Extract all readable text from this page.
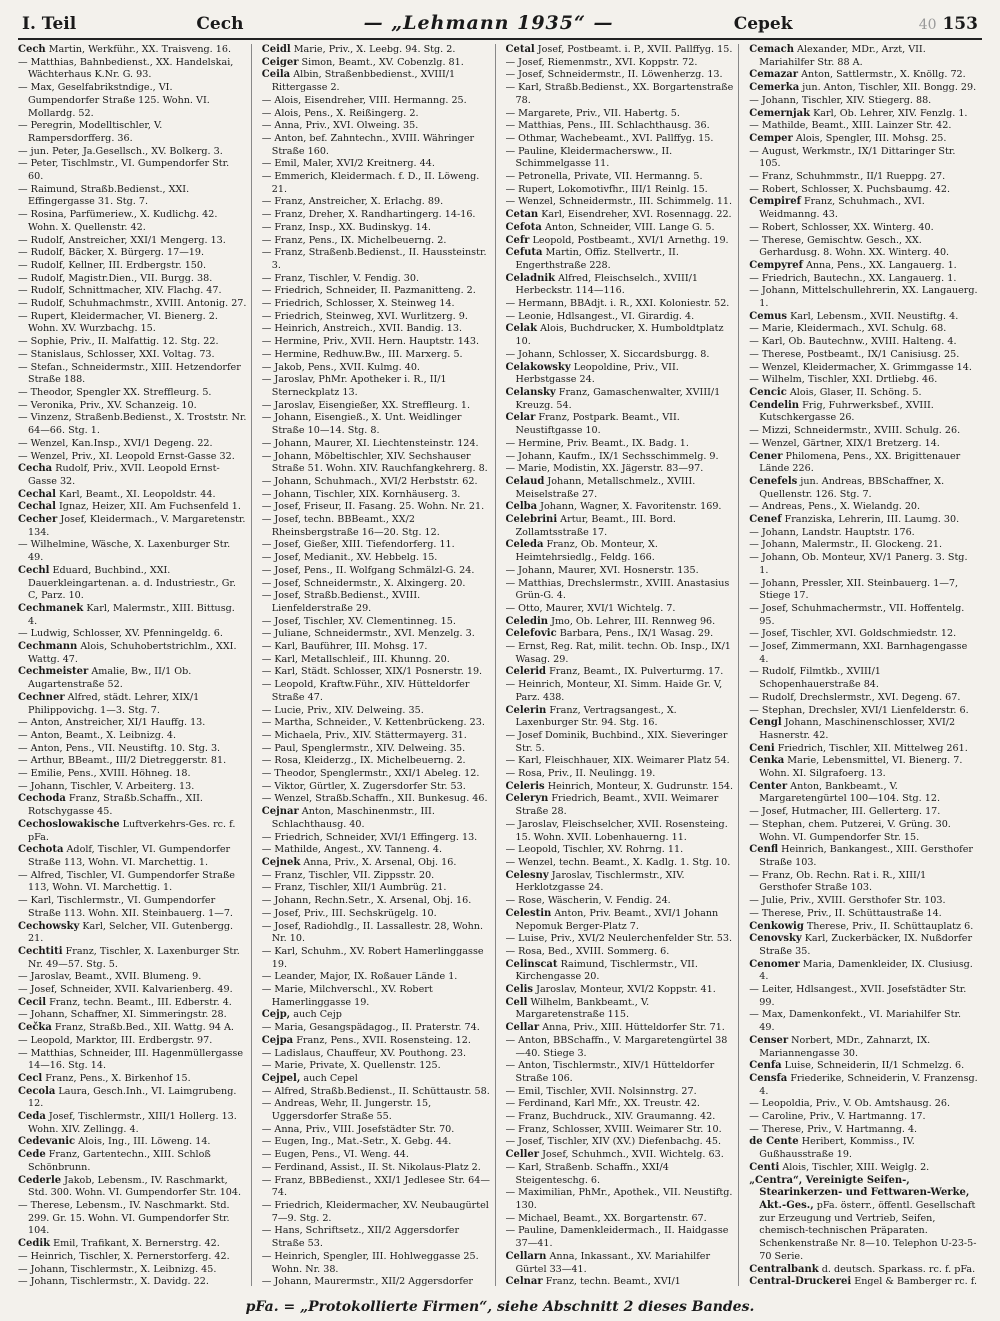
I. Teil	Cech	— „Lehmann 1935“ —	Cepek	40 153

Cech Martin, Werkführ., XX. Traisveng. 16.

— Matthias, Bahnbedienst., XX. Handelskai, Wächterhaus K.Nr. G. 93.

— Max, Geselfabrikstndige., VI. Gumpendorfer Straße 125. Wohn. VI. Mollardg. 52.

— Peregrin, Modelltischler, V. Rampersdorfferg. 36.

— jun. Peter, Ja.Gesellsch., XV. Bolkerg. 3.

— Peter, Tischlmstr., VI. Gumpendorfer Str. 60.

— Raimund, Straßb.Bedienst., XXI. Effingergasse 31. Stg. 7.

— Rosina, Parfümeriew., X. Kudlichg. 42. Wohn. X. Quellenstr. 42.

— Rudolf, Anstreicher, XXI/1 Mengerg. 13.

— Rudolf, Bäcker, X. Bürgerg. 17—19.

— Rudolf, Kellner, III. Erdbergstr. 150.

— Rudolf, Magistr.Dien., VII. Burgg. 38.

— Rudolf, Schnittmacher, XIV. Flachg. 47.

— Rudolf, Schuhmachmstr., XVIII. Antonig. 27.

— Rupert, Kleidermacher, VI. Bienerg. 2. Wohn. XV. Wurzbachg. 15.

— Sophie, Priv., II. Malfattig. 12. Stg. 22.

— Stanislaus, Schlosser, XXI. Voltag. 73.

— Stefan., Schneidermstr., XIII. Hetzendorfer Straße 188.

— Theodor, Spengler XX. Streffleurg. 5.

— Veronika, Priv., XV. Schanzeig. 10.

— Vinzenz, Straßenb.Bedienst., X. Troststr. Nr. 64—66. Stg. 1.

— Wenzel, Kan.Insp., XVI/1 Degeng. 22.

— Wenzel, Priv., XI. Leopold Ernst-Gasse 32.

Cecha Rudolf, Priv., XVII. Leopold Ernst-Gasse 32.

Cechal Karl, Beamt., XI. Leopoldstr. 44.

Cechal Ignaz, Heizer, XII. Am Fuchsenfeld 1.

Cecher Josef, Kleidermach., V. Margaretenstr. 134.

— Wilhelmine, Wäsche, X. Laxenburger Str. 49.

Cechl Eduard, Buchbind., XXI. Dauerkleingartenan. a. d. Industriestr., Gr. C, Parz. 10.

Cechmanek Karl, Malermstr., XIII. Bittusg. 4.

— Ludwig, Schlosser, XV. Pfenningeldg. 6.

Cechmann Alois, Schuhobertstrichlm., XXI. Wattg. 47.

Cechmeister Amalie, Bw., II/1 Ob. Augartenstraße 52.

Cechner Alfred, städt. Lehrer, XIX/1 Philippovichg. 1—3. Stg. 7.

— Anton, Anstreicher, XI/1 Hauffg. 13.

— Anton, Beamt., X. Leibnizg. 4.

— Anton, Pens., VII. Neustiftg. 10. Stg. 3.

— Arthur, BBeamt., III/2 Dietreggerstr. 81.

— Emilie, Pens., XVIII. Höhneg. 18.

— Johann, Tischler, V. Arbeiterg. 13.

Cechoda Franz, Straßb.Schaffn., XII. Rotschygasse 45.

Cechoslowakische Luftverkehrs-Ges. rc. f. pFa.

Cechota Adolf, Tischler, VI. Gumpendorfer Straße 113, Wohn. VI. Marchettig. 1.

— Alfred, Tischler, VI. Gumpendorfer Straße 113, Wohn. VI. Marchettig. 1.

— Karl, Tischlermstr., VI. Gumpendorfer Straße 113. Wohn. XII. Steinbauerg. 1—7.

Cechowsky Karl, Selcher, VII. Gutenbergg. 21.

Cechtiti Franz, Tischler, X. Laxenburger Str. Nr. 49—57. Stg. 5.

— Jaroslav, Beamt., XVII. Blumeng. 9.

— Josef, Schneider, XVII. Kalvarienberg. 49.

Cecil Franz, techn. Beamt., III. Edberstr. 4.

— Johann, Schaffner, XI. Simmeringstr. 28.

Cečka Franz, Straßb.Bed., XII. Wattg. 94 A.

— Leopold, Marktor, III. Erdbergstr. 97.

— Matthias, Schneider, III. Hagenmüllergasse 14—16. Stg. 14.

Cecl Franz, Pens., X. Birkenhof 15.

Cecola Laura, Gesch.Inh., VI. Laimgrubeng. 12.

Ceda Josef, Tischlermstr., XIII/1 Hollerg. 13. Wohn. XIV. Zellingg. 4.

Cedevanic Alois, Ing., III. Löweng. 14.

Cede Franz, Gartentechn., XIII. Schloß Schönbrunn.

Cederle Jakob, Lebensm., IV. Raschmarkt, Std. 300. Wohn. VI. Gumpendorfer Str. 104.

— Therese, Lebensm., IV. Naschmarkt. Std. 299. Gr. 15. Wohn. VI. Gumpendorfer Str. 104.

Cedik Emil, Trafikant, X. Bernerstrg. 42.

— Heinrich, Tischler, X. Pernerstorferg. 42.

— Johann, Tischlermstr., X. Leibnizg. 45.

— Johann, Tischlermstr., X. Davidg. 22.

Ceidl Marie, Priv., X. Leebg. 94. Stg. 2.

Ceiger Simon, Beamt., XV. Cobenzlg. 81.

Ceila Albin, Straßenbbedienst., XVIII/1 Rittergasse 2.

— Alois, Eisendreher, VIII. Hermanng. 25.

— Alois, Pens., X. Reißingerg. 2.

— Anna, Priv., XVI. Olweing. 35.

— Anton, bef. Zahntechn., XVIII. Währinger Straße 160.

— Emil, Maler, XVI/2 Kreitnerg. 44.

— Emmerich, Kleidermach. f. D., II. Löweng. 21.

— Franz, Anstreicher, X. Erlachg. 89.

— Franz, Dreher, X. Randhartingerg. 14-16.

— Franz, Insp., XX. Budinskyg. 14.

— Franz, Pens., IX. Michelbeuerng. 2.

— Franz, Straßenb.Bedienst., II. Haussteinstr. 3.

— Franz, Tischler, V. Fendig. 30.

— Friedrich, Schneider, II. Pazmanitteng. 2.

— Friedrich, Schlosser, X. Steinweg 14.

— Friedrich, Steinweg, XVI. Wurlitzerg. 9.

— Heinrich, Anstreich., XVII. Bandig. 13.

— Hermine, Priv., XVII. Hern. Hauptstr. 143.

— Hermine, Redhuw.Bw., III. Marxerg. 5.

— Jakob, Pens., XVII. Kulmg. 40.

— Jaroslav, PhMr. Apotheker i. R., II/1 Sterneckplatz 13.

— Jaroslav, Eisengießer, XX. Streffleurg. 1.

— Johann, Eisengieß., X. Unt. Weidlinger Straße 10—14. Stg. 8.

— Johann, Maurer, XI. Liechtensteinstr. 124.

— Johann, Möbeltischler, XIV. Sechshauser Straße 51. Wohn. XIV. Rauchfangkehrerg. 8.

— Johann, Schuhmach., XVI/2 Herbststr. 62.

— Johann, Tischler, XIX. Kornhäuserg. 3.

— Josef, Friseur, II. Fasang. 25. Wohn. Nr. 21.

— Josef, techn. BBBeamt., XX/2 Rheinsbergstraße 16—20. Stg. 12.

— Josef, Gießer, XIII. Tiefendorferg. 11.

— Josef, Medianit., XV. Hebbelg. 15.

— Josef, Pens., II. Wolfgang Schmälzl-G. 24.

— Josef, Schneidermstr., X. Alxingerg. 20.

— Josef, Straßb.Bedienst., XVIII. Lienfelderstraße 29.

— Josef, Tischler, XV. Clementinneg. 15.

— Juliane, Schneidermstr., XVI. Menzelg. 3.

— Karl, Bauführer, III. Mohsg. 17.

— Karl, Metallschleif., III. Khunng. 20.

— Karl, Städt. Schlosser, XIX/1 Posnerstr. 19.

— Leopold, Kraftw.Führ., XIV. Hütteldorfer Straße 47.

— Lucie, Priv., XIV. Delweing. 35.

— Martha, Schneider., V. Kettenbrückeng. 23.

— Michaela, Priv., XIV. Stättermayerg. 31.

— Paul, Spenglermstr., XIV. Delweing. 35.

— Rosa, Kleiderzg., IX. Michelbeuerng. 2.

— Theodor, Spenglermstr., XXI/1 Abeleg. 12.

— Viktor, Gürtler, X. Zugersdorfer Str. 53.

— Wenzel, Straßb.Schaffn., XII. Bunkesug. 46.

Cejnar Anton, Maschinenmstr., III. Schlachthausg. 40.

— Friedrich, Schneider, XVI/1 Effingerg. 13.

— Mathilde, Angest., XV. Tanneng. 4.

Cejnek Anna, Priv., X. Arsenal, Obj. 16.

— Franz, Tischler, VII. Zippsstr. 20.

— Franz, Tischler, XII/1 Aumbrüg. 21.

— Johann, Rechn.Setr., X. Arsenal, Obj. 16.

— Josef, Priv., III. Sechskrügelg. 10.

— Josef, Radiohdlg., II. Lassallestr. 28, Wohn. Nr. 10.

— Karl, Schuhm., XV. Robert Hamerlinggasse 19.

— Leander, Major, IX. Roßauer Lände 1.

— Marie, Milchverschl., XV. Robert Hamerlinggasse 19.

Cejp, auch Cejp

— Maria, Gesangspädagog., II. Praterstr. 74.

Cejpa Franz, Pens., XVII. Rosensteing. 12.

— Ladislaus, Chauffeur, XV. Pouthong. 23.

— Marie, Private, X. Quellenstr. 125.

Cejpel, auch Cepel

— Alfred, Straßb.Bedienst., II. Schüttaustr. 58.

— Andreas, Wehr, II. Jungerstr. 15, Uggersdorfer Straße 55.

— Anna, Priv., VIII. Josefstädter Str. 70.

— Eugen, Ing., Mat.-Setr., X. Gebg. 44.

— Eugen, Pens., VI. Weng. 44.

— Ferdinand, Assist., II. St. Nikolaus-Platz 2.

— Franz, BBBedienst., XXI/1 Jedlesee Str. 64—74.

— Friedrich, Kleidermacher, XV. Neubaugürtel 7—9. Stg. 2.

— Hans, Schriftsetz., XII/2 Aggersdorfer Straße 53.

— Heinrich, Spengler, III. Hohlweggasse 25. Wohn. Nr. 38.

— Johann, Maurermstr., XII/2 Aggersdorfer

Cetal Josef, Postbeamt. i. P., XVII. Pallffyg. 15.

— Josef, Riemenmstr., XVI. Koppstr. 72.

— Josef, Schneidermstr., II. Löwenherzg. 13.

— Karl, Straßb.Bedienst., XX. Borgartenstraße 78.

— Margarete, Priv., VII. Habertg. 5.

— Matthias, Pens., III. Schlachthausg. 36.

— Othmar, Wachebeamt., XVI. Pallffyg. 15.

— Pauline, Kleidermachersww., II. Schimmelgasse 11.

— Petronella, Private, VII. Hermanng. 5.

— Rupert, Lokomotivfhr., III/1 Reinlg. 15.

— Wenzel, Schneidermstr., III. Schimmelg. 11.

Cetan Karl, Eisendreher, XVI. Rosennagg. 22.

Cefota Anton, Schneider, VIII. Lange G. 5.

Cefr Leopold, Postbeamt., XVI/1 Arnethg. 19.

Cefuta Martin, Offiz. Stellvertr., II. Engerthstraße 228.

Celadnik Alfred, Fleischselch., XVIII/1 Herbeckstr. 114—116.

— Hermann, BBAdjt. i. R., XXI. Koloniestr. 52.

— Leonie, Hdlsangest., VI. Girardig. 4.

Celak Alois, Buchdrucker, X. Humboldtplatz 10.

— Johann, Schlosser, X. Siccardsburgg. 8.

Celakowsky Leopoldine, Priv., VII. Herbstgasse 24.

Celansky Franz, Gamaschenwalter, XVIII/1 Kreuzg. 54.

Celar Franz, Postpark. Beamt., VII. Neustiftgasse 10.

— Hermine, Priv. Beamt., IX. Badg. 1.

— Johann, Kaufm., IX/1 Sechsschimmelg. 9.

— Marie, Modistin, XX. Jägerstr. 83—97.

Celaud Johann, Metallschmelz., XVIII. Meiselstraße 27.

Celba Johann, Wagner, X. Favoritenstr. 169.

Celebrini Artur, Beamt., III. Bord. Zollamtsstraße 17.

Celeda Franz, Ob. Monteur, X. Heimtehrsiedlg., Feldg. 166.

— Johann, Maurer, XVI. Hosnerstr. 135.

— Matthias, Drechslermstr., XVIII. Anastasius Grün-G. 4.

— Otto, Maurer, XVI/1 Wichtelg. 7.

Celedin Jmo, Ob. Lehrer, III. Rennweg 96.

Celefovic Barbara, Pens., IX/1 Wasag. 29.

— Ernst, Reg. Rat, milit. techn. Ob. Insp., IX/1 Wasag. 29.

Celerid Franz, Beamt., IX. Pulverturmg. 17.

— Heinrich, Monteur, XI. Simm. Haide Gr. V, Parz. 438.

Celerin Franz, Vertragsangest., X. Laxenburger Str. 94. Stg. 16.

— Josef Dominik, Buchbind., XIX. Sieveringer Str. 5.

— Karl, Fleischhauer, XIX. Weimarer Platz 54.

— Rosa, Priv., II. Neulingg. 19.

Celeris Heinrich, Monteur, X. Gudrunstr. 154.

Celeryn Friedrich, Beamt., XVII. Weimarer Straße 28.

— Jaroslav, Fleischselcher, XVII. Rosensteing. 15. Wohn. XVII. Lobenhauerng. 11.

— Leopold, Tischler, XV. Rohrng. 11.

— Wenzel, techn. Beamt., X. Kadlg. 1. Stg. 10.

Celesny Jaroslav, Tischlermstr., XIV. Herklotzgasse 24.

— Rose, Wäscherin, V. Fendig. 24.

Celestin Anton, Priv. Beamt., XVI/1 Johann Nepomuk Berger-Platz 7.

— Luise, Priv., XVI/2 Neulerchenfelder Str. 53.

— Rosa, Bed., XVIII. Sommerg. 6.

Celinscat Raimund, Tischlermstr., VII. Kirchengasse 20.

Celis Jaroslav, Monteur, XVI/2 Koppstr. 41.

Cell Wilhelm, Bankbeamt., V. Margaretenstraße 115.

Cellar Anna, Priv., XIII. Hütteldorfer Str. 71.

— Anton, BBSchaffn., V. Margaretengürtel 38—40. Stiege 3.

— Anton, Tischlermstr., XIV/1 Hütteldorfer Straße 106.

— Emil, Tischler, XVII. Nolsinnstrg. 27.

— Ferdinand, Karl Mfr., XX. Treustr. 42.

— Franz, Buchdruck., XIV. Graumanng. 42.

— Franz, Schlosser, XVIII. Weimarer Str. 10.

— Josef, Tischler, XIV (XV.) Diefenbachg. 45.

Celler Josef, Schuhmch., XVII. Wichtelg. 63.

— Karl, Straßenb. Schaffn., XXI/4 Steigenteschg. 6.

— Maximilian, PhMr., Apothek., VII. Neustiftg. 130.

— Michael, Beamt., XX. Borgartenstr. 67.

— Pauline, Damenkleidermach., II. Haidgasse 37—41.

Cellarn Anna, Inkassant., XV. Mariahilfer Gürtel 33—41.

Celnar Franz, techn. Beamt., XVI/1

Cemach Alexander, MDr., Arzt, VII. Mariahilfer Str. 88 A.

Cemazar Anton, Sattlermstr., X. Knöllg. 72.

Cemerka jun. Anton, Tischler, XII. Bongg. 29.

— Johann, Tischler, XIV. Stiegerg. 88.

Cemernjak Karl, Ob. Lehrer, XIV. Fenzlg. 1.

— Mathilde, Beamt., XIII. Lainzer Str. 42.

Cemper Alois, Spengler, III. Mohsg. 25.

— August, Werkmstr., IX/1 Dittaringer Str. 105.

— Franz, Schuhmmstr., II/1 Rueppg. 27.

— Robert, Schlosser, X. Puchsbaumg. 42.

Cempiref Franz, Schuhmach., XVI. Weidmanng. 43.

— Robert, Schlosser, XX. Winterg. 40.

— Therese, Gemischtw. Gesch., XX. Gerhardusg. 8. Wohn. XX. Winterg. 40.

Cempyref Anna, Pens., XX. Langauerg. 1.

— Friedrich, Bautechn., XX. Langauerg. 1.

— Johann, Mittelschullehrerin, XX. Langauerg. 1.

Cemus Karl, Lebensm., XVII. Neustiftg. 4.

— Marie, Kleidermach., XVI. Schulg. 68.

— Karl, Ob. Bautechnw., XVIII. Halteng. 4.

— Therese, Postbeamt., IX/1 Canisiusg. 25.

— Wenzel, Kleidermacher, X. Grimmgasse 14.

— Wilhelm, Tischler, XXI. Drtliebg. 46.

Cencic Alois, Glaser, II. Schöng. 5.

Cendelin Frig, Fuhrwerksbef., XVIII. Kutschkergasse 26.

— Mizzi, Schneidermstr., XVIII. Schulg. 26.

— Wenzel, Gärtner, XIX/1 Bretzerg. 14.

Cener Philomena, Pens., XX. Brigittenauer Lände 226.

Cenefels jun. Andreas, BBSchaffner, X. Quellenstr. 126. Stg. 7.

— Andreas, Pens., X. Wielandg. 20.

Cenef Franziska, Lehrerin, III. Laumg. 30.

— Johann, Landstr. Hauptstr. 176.

— Johann, Malermstr., II. Glockeng. 21.

— Johann, Ob. Monteur, XV/1 Panerg. 3. Stg. 1.

— Johann, Pressler, XII. Steinbauerg. 1—7, Stiege 17.

— Josef, Schuhmachermstr., VII. Hoffentelg. 95.

— Josef, Tischler, XVI. Goldschmiedstr. 12.

— Josef, Zimmermann, XXI. Barnhagengasse 4.

— Rudolf, Filmtkb., XVIII/1 Schopenhauerstraße 84.

— Rudolf, Drechslermstr., XVI. Degeng. 67.

— Stephan, Drechsler, XVI/1 Lienfelderstr. 6.

Cengl Johann, Maschinenschlosser, XVI/2 Hasnerstr. 42.

Ceni Friedrich, Tischler, XII. Mittelweg 261.

Cenka Marie, Lebensmittel, VI. Bienerg. 7. Wohn. XI. Silgrafoerg. 13.

Center Anton, Bankbeamt., V. Margaretengürtel 100—104. Stg. 12.

— Josef, Hutmacher, III. Gellerterg. 17.

— Stephan, chem. Putzerei, V. Grüng. 30. Wohn. VI. Gumpendorfer Str. 15.

Cenfl Heinrich, Bankangest., XIII. Gersthofer Straße 103.

— Franz, Ob. Rechn. Rat i. R., XIII/1 Gersthofer Straße 103.

— Julie, Priv., XVIII. Gersthofer Str. 103.

— Therese, Priv., II. Schüttaustraße 14.

Cenkowig Therese, Priv., II. Schüttauplatz 6.

Cenovsky Karl, Zuckerbäcker, IX. Nußdorfer Straße 35.

Cenomer Maria, Damenkleider, IX. Clusiusg. 4.

— Leiter, Hdlsangest., XVII. Josefstädter Str. 99.

— Max, Damenkonfekt., VI. Mariahilfer Str. 49.

Censer Norbert, MDr., Zahnarzt, IX. Mariannengasse 30.

Cenfa Luise, Schneiderin, II/1 Schmelzg. 6.

Censfa Friederike, Schneiderin, V. Franzensg. 4.

— Leopoldia, Priv., V. Ob. Amtshausg. 26.

— Caroline, Priv., V. Hartmanng. 17.

— Therese, Priv., V. Hartmanng. 4.

de Cente Heribert, Kommiss., IV. Gußhausstraße 19.

Centi Alois, Tischler, XIII. Weiglg. 2.

„Centra“, Vereinigte Seifen-, Stearinkerzen- und Fettwaren-Werke, Akt.-Ges., pFa. österr., öffentl. Gesellschaft zur Erzeugung und Vertrieb, Seifen, chemisch-technischen Präparaten. Schenkenstraße Nr. 8—10. Telephon U-23-5-70 Serie.

Centralbank d. deutsch. Sparkass. rc. f. pFa.

Central-Druckerei Engel & Bamberger rc. f.

pFa. = „Protokollierte Firmen“, siehe Abschnitt 2 dieses Bandes.
